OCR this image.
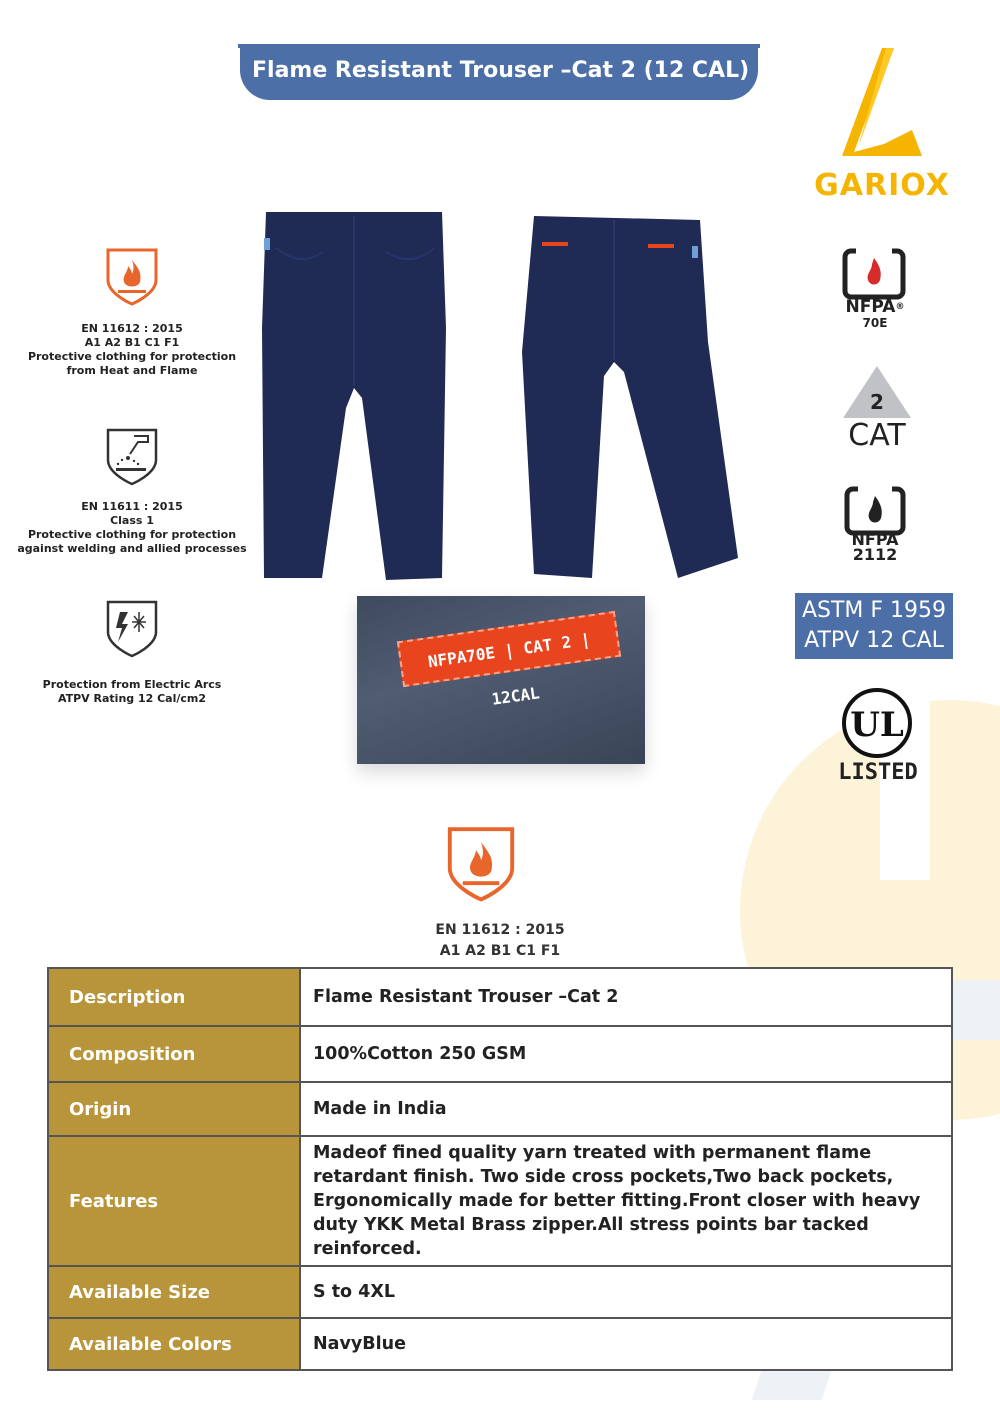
Flame Resistant Trouser –Cat 2 (12 CAL)
GARIOX
EN 11612 : 2015
A1 A2 B1 C1 F1
Protective clothing for protection
from Heat and Flame
EN 11611 : 2015
Class 1
Protective clothing for protection
against welding and allied processes
Protection from Electric Arcs
ATPV Rating 12 Cal/cm2
NFPA70E | CAT 2 | 12CAL
EN 11612 : 2015
A1 A2 B1 C1 F1
NFPA®
70E
2
CAT
NFPA
2112
ASTM F 1959
ATPV 12 CAL
UL
LISTED
Description	Flame Resistant Trouser –Cat 2
Composition	100%Cotton 250 GSM
Origin	Made in India
Features	Madeof fined quality yarn treated with permanent flame retardant finish. Two side cross pockets,Two back pockets, Ergonomically made for better fitting.Front closer with heavy duty YKK Metal Brass zipper.All stress points bar tacked reinforced.
Available Size	S to 4XL
Available Colors	NavyBlue
